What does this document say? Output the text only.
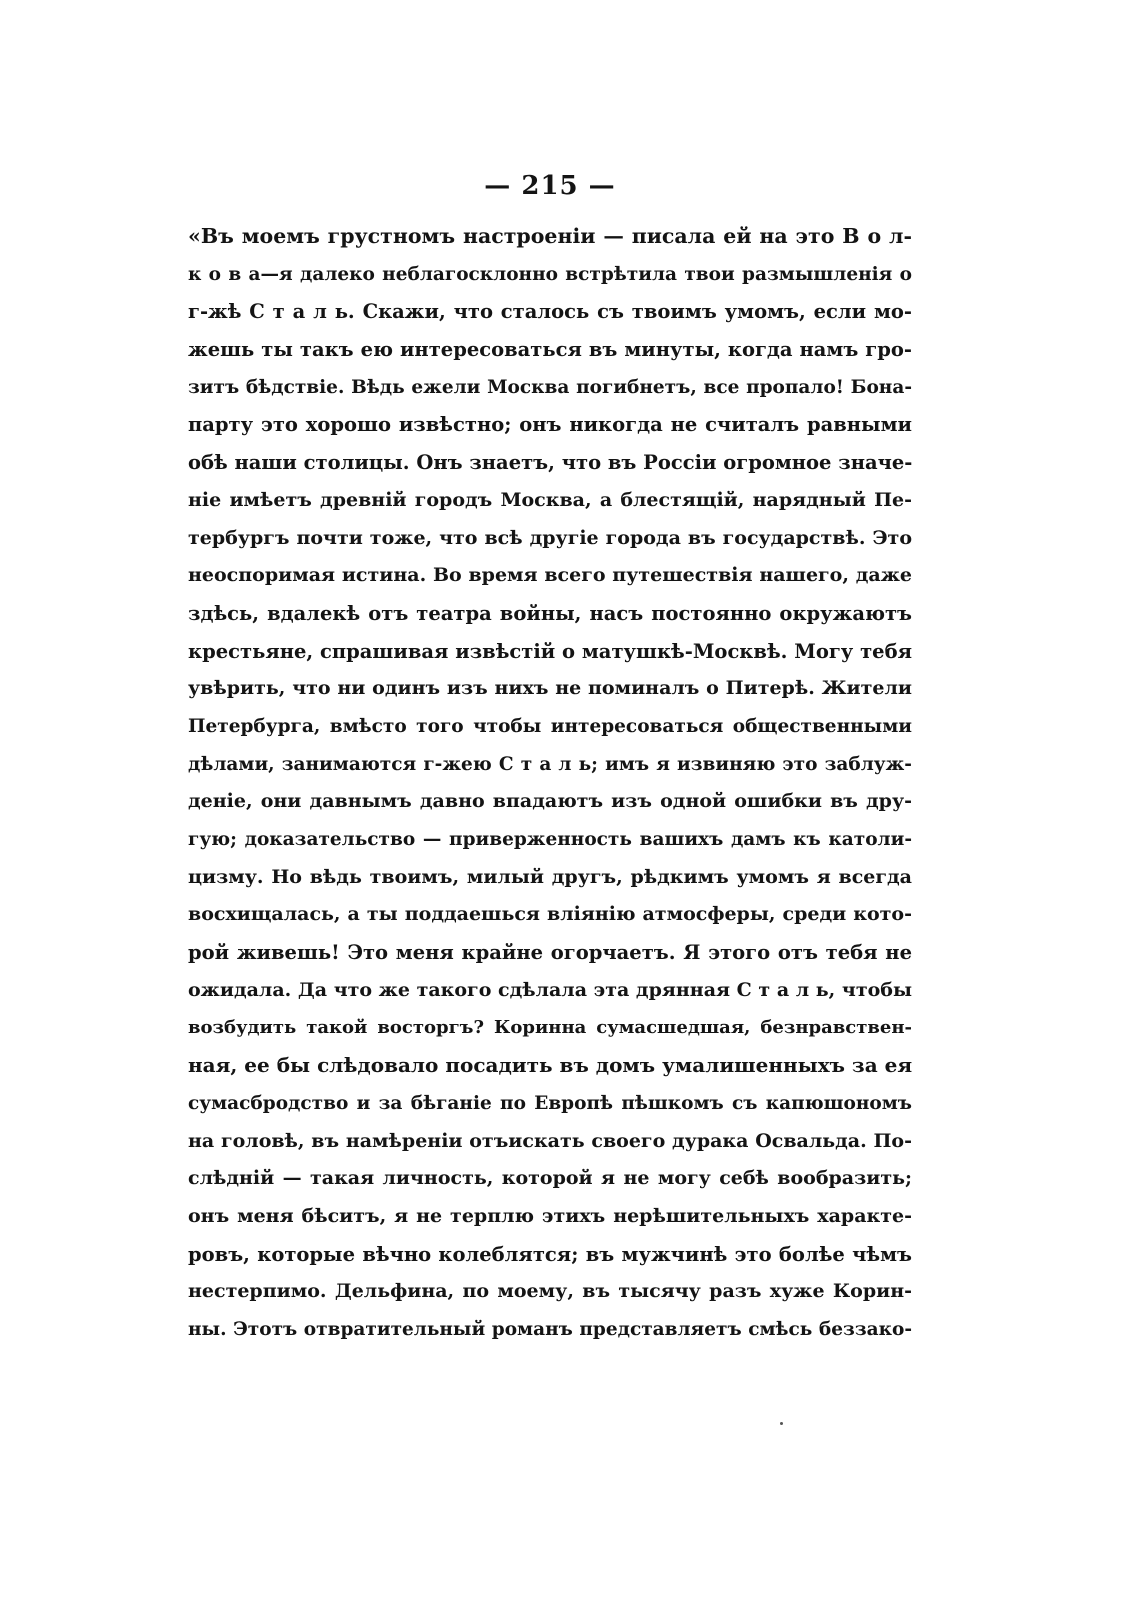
— 215 —
«Въ моемъ грустномъ настроеніи — писала ей на это В о л-
к о в а—я далеко неблагосклонно встрѣтила твои размышленія о
г-жѣ С т а л ь. Скажи, что сталось съ твоимъ умомъ, если мо-
жешь ты такъ ею интересоваться въ минуты, когда намъ гро-
зитъ бѣдствіе. Вѣдь ежели Москва погибнетъ, все пропало! Бона-
парту это хорошо извѣстно; онъ никогда не считалъ равными
обѣ наши столицы. Онъ знаетъ, что въ Россіи огромное значе-
ніе имѣетъ древній городъ Москва, а блестящій, нарядный Пе-
тербургъ почти тоже, что всѣ другіе города въ государствѣ. Это
неоспоримая истина. Во время всего путешествія нашего, даже
здѣсь, вдалекѣ отъ театра войны, насъ постоянно окружаютъ
крестьяне, спрашивая извѣстій о матушкѣ-Москвѣ. Могу тебя
увѣрить, что ни одинъ изъ нихъ не поминалъ о Питерѣ. Жители
Петербурга, вмѣсто того чтобы интересоваться общественными
дѣлами, занимаются г-жею С т а л ь; имъ я извиняю это заблуж-
деніе, они давнымъ давно впадаютъ изъ одной ошибки въ дру-
гую; доказательство — приверженность вашихъ дамъ къ католи-
цизму. Но вѣдь твоимъ, милый другъ, рѣдкимъ умомъ я всегда
восхищалась, а ты поддаешься вліянію атмосферы, среди кото-
рой живешь! Это меня крайне огорчаетъ. Я этого отъ тебя не
ожидала. Да что же такого сдѣлала эта дрянная С т а л ь, чтобы
возбудить такой восторгъ? Коринна сумасшедшая, безнравствен-
ная, ее бы слѣдовало посадить въ домъ умалишенныхъ за ея
сумасбродство и за бѣганіе по Европѣ пѣшкомъ съ капюшономъ
на головѣ, въ намѣреніи отъискать своего дурака Освальда. По-
слѣдній — такая личность, которой я не могу себѣ вообразить;
онъ меня бѣситъ, я не терплю этихъ нерѣшительныхъ характе-
ровъ, которые вѣчно колеблятся; въ мужчинѣ это болѣе чѣмъ
нестерпимо. Дельфина, по моему, въ тысячу разъ хуже Корин-
ны. Этотъ отвратительный романъ представляетъ смѣсь беззако-
